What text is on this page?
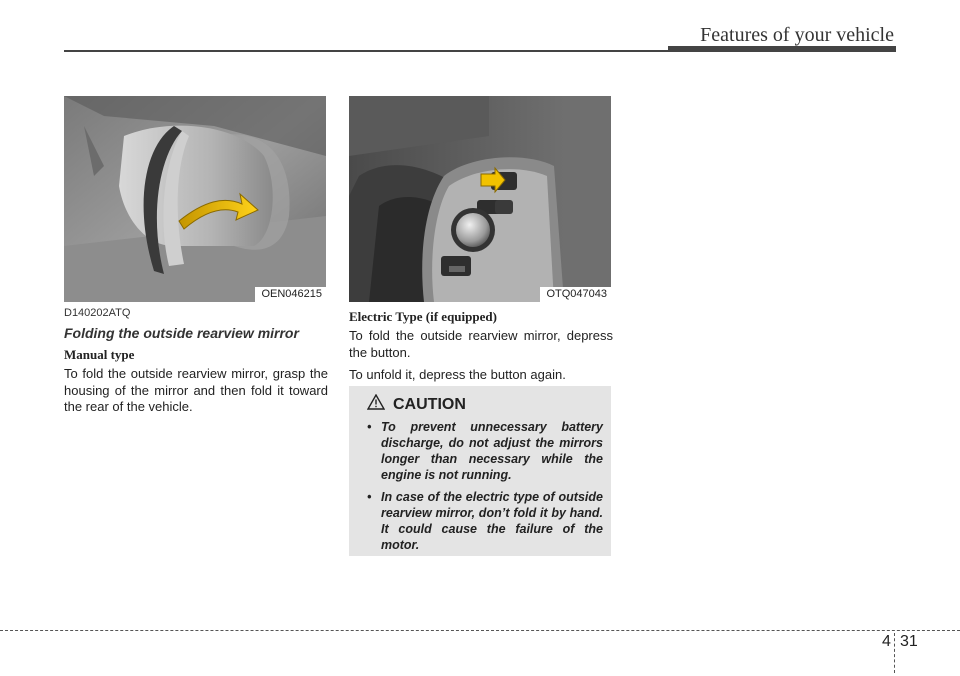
Features of your vehicle
OEN046215	OTQ047043
D140202ATQ
Folding the outside rearview mirror
Manual type

To fold the outside rearview mirror, grasp the housing of the mirror and then fold it toward the rear of the vehicle.

Electric Type (if equipped)

To fold the outside rearview mirror, depress the button.

To unfold it, depress the button again.

CAUTION
• To prevent unnecessary battery discharge, do not adjust the mirrors longer than necessary while the engine is not running.
• In case of the electric type of outside rearview mirror, don’t fold it by hand. It could cause the failure of the motor.
4 31
